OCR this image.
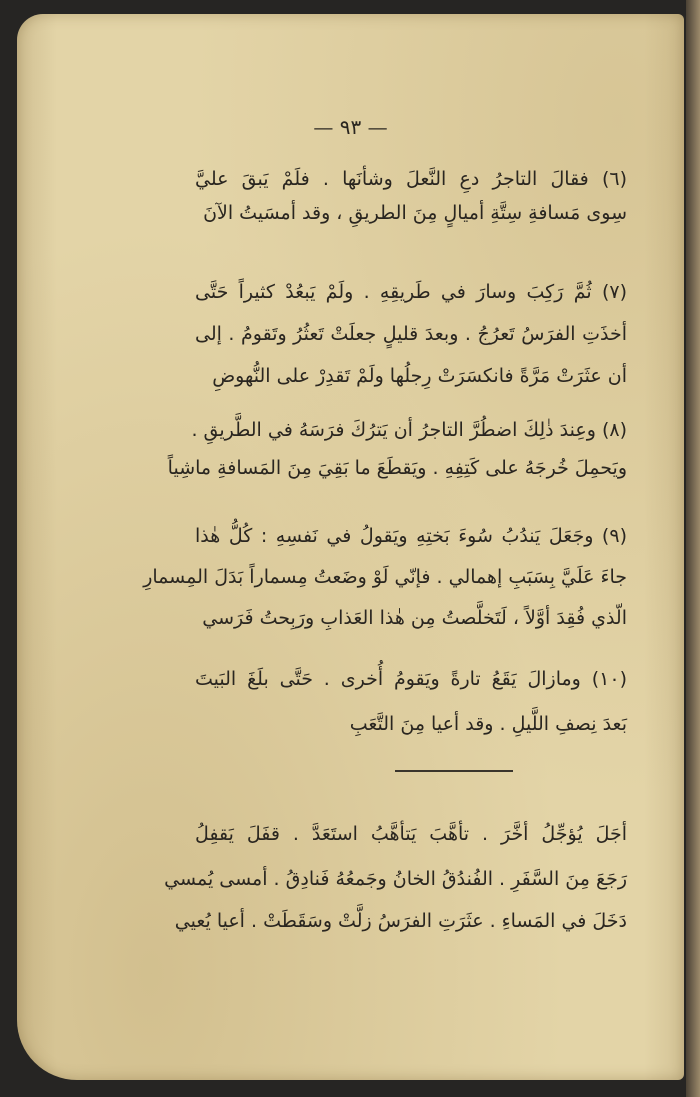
— ٩٣ —
(٦) فقالَ التاجرُ دعِ النَّعلَ وشأنَها . فلَمْ يَبقَ عليَّ
سِوى مَسافةِ سِتَّةِ أميالٍ مِنَ الطريقِ ، وقد أمسَيتُ الآنَ
(٧) ثُمَّ رَكِبَ وسارَ في طَريقِهِ . ولَمْ يَبعُدْ كثيراً حَتَّى
أخذَتِ الفرَسُ تَعرُجُ . وبعدَ قليلٍ جعلَتْ تَعثُرُ وتَقومُ . إلى
أن عثَرَتْ مَرَّةً فانكسَرَتْ رِجلُها ولَمْ تَقدِرْ على النُّهوضِ
(٨) وعِندَ ذٰلِكَ اضطُرَّ التاجرُ أن يَترُكَ فرَسَهُ في الطَّريقِ .
ويَحمِلَ خُرجَهُ على كَتِفِهِ . ويَقطَعَ ما بَقِيَ مِنَ المَسافةِ ماشِياً
(٩) وجَعَلَ يَندُبُ سُوءَ بَختِهِ ويَقولُ في نَفسِهِ : كُلُّ هٰذا
جاءَ عَلَيَّ بِسَبَبِ إهمالي . فإنّي لَوْ وضَعتُ مِسماراً بَدَلَ المِسمارِ
الّذي فُقِدَ أوَّلاً ، لَتَخلَّصتُ مِن هٰذا العَذابِ ورَبِحتُ فَرَسي
(١٠) ومازالَ يَقَعُ تارةً ويَقومُ أُخرى . حَتَّى بلَغَ البَيتَ
بَعدَ نِصفِ اللَّيلِ . وقد أعيا مِنَ التَّعَبِ
أجَلَ يُؤجِّلُ أخَّرَ . تأهَّبَ يَتأهَّبُ استَعَدَّ . قفَلَ يَقفِلُ
رَجَعَ مِنَ السَّفَرِ . الفُندُقُ الخانُ وجَمعُهُ فَنادِقُ . أمسى يُمسي
دَخَلَ في المَساءِ . عثَرَتِ الفرَسُ زلَّتْ وسَقَطَتْ . أعيا يُعيي
